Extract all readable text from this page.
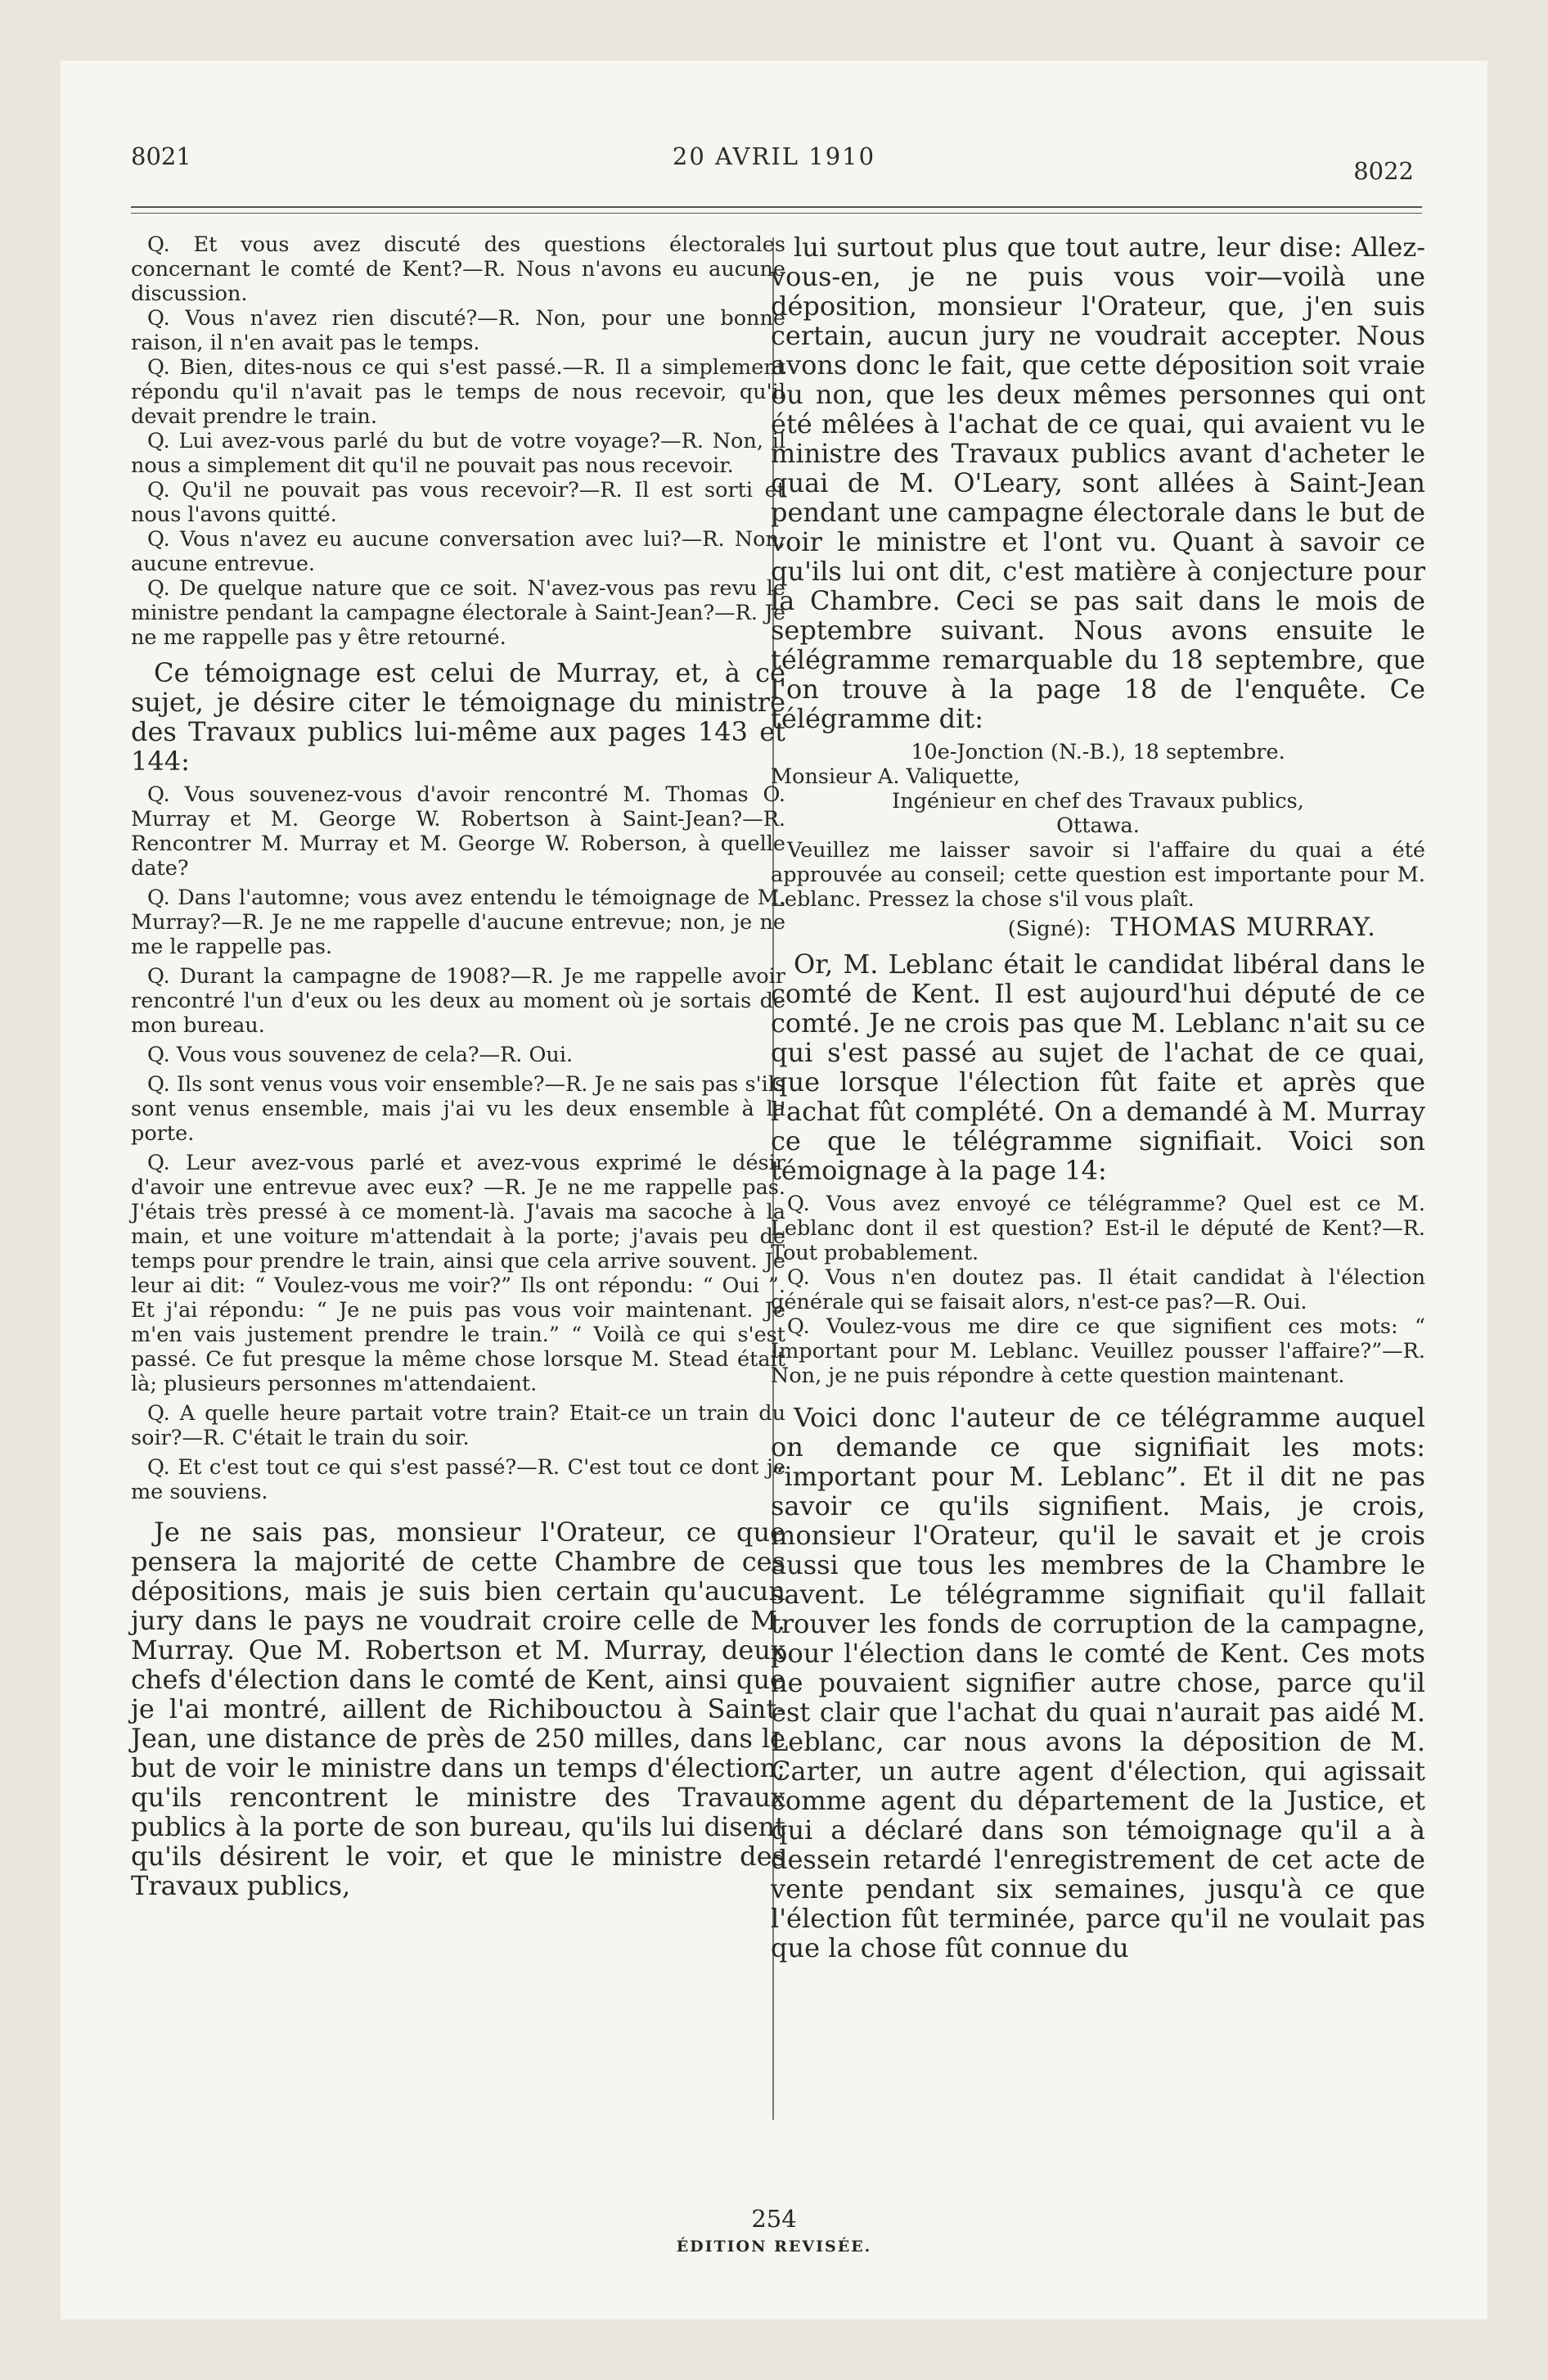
8021	20 AVRIL 1910
8022

Q. Et vous avez discuté des questions électorales concernant le comté de Kent?—R. Nous n'avons eu aucune discussion.

Q. Vous n'avez rien discuté?—R. Non, pour une bonne raison, il n'en avait pas le temps.

Q. Bien, dites-nous ce qui s'est passé.—R. Il a simplement répondu qu'il n'avait pas le temps de nous recevoir, qu'il devait prendre le train.

Q. Lui avez-vous parlé du but de votre voyage?—R. Non, il nous a simplement dit qu'il ne pouvait pas nous recevoir.

Q. Qu'il ne pouvait pas vous recevoir?—R. Il est sorti et nous l'avons quitté.

Q. Vous n'avez eu aucune conversation avec lui?—R. Non, aucune entrevue.

Q. De quelque nature que ce soit. N'avez-vous pas revu le ministre pendant la campagne électorale à Saint-Jean?—R. Je ne me rappelle pas y être retourné.

Ce témoignage est celui de Murray, et, à ce sujet, je désire citer le témoignage du ministre des Travaux publics lui-même aux pages 143 et 144:

Q. Vous souvenez-vous d'avoir rencontré M. Thomas O. Murray et M. George W. Robertson à Saint-Jean?—R. Rencontrer M. Murray et M. George W. Roberson, à quelle date?

Q. Dans l'automne; vous avez entendu le témoignage de M. Murray?—R. Je ne me rappelle d'aucune entrevue; non, je ne me le rappelle pas.

Q. Durant la campagne de 1908?—R. Je me rappelle avoir rencontré l'un d'eux ou les deux au moment où je sortais de mon bureau.

Q. Vous vous souvenez de cela?—R. Oui.

Q. Ils sont venus vous voir ensemble?—R. Je ne sais pas s'ils sont venus ensemble, mais j'ai vu les deux ensemble à la porte.

Q. Leur avez-vous parlé et avez-vous exprimé le désir d'avoir une entrevue avec eux? —R. Je ne me rappelle pas. J'étais très pressé à ce moment-là. J'avais ma sacoche à la main, et une voiture m'attendait à la porte; j'avais peu de temps pour prendre le train, ainsi que cela arrive souvent. Je leur ai dit: “ Voulez-vous me voir?” Ils ont répondu: “ Oui ”. Et j'ai répondu: “ Je ne puis pas vous voir maintenant. Je m'en vais justement prendre le train.” “ Voilà ce qui s'est passé. Ce fut presque la même chose lorsque M. Stead était là; plusieurs personnes m'attendaient.

Q. A quelle heure partait votre train? Etait-ce un train du soir?—R. C'était le train du soir.

Q. Et c'est tout ce qui s'est passé?—R. C'est tout ce dont je me souviens.

Je ne sais pas, monsieur l'Orateur, ce que pensera la majorité de cette Chambre de ces dépositions, mais je suis bien certain qu'aucun jury dans le pays ne voudrait croire celle de M. Murray. Que M. Robertson et M. Murray, deux chefs d'élection dans le comté de Kent, ainsi que je l'ai montré, aillent de Richibouctou à Saint-Jean, une distance de près de 250 milles, dans le but de voir le ministre dans un temps d'élection; qu'ils rencontrent le ministre des Travaux publics à la porte de son bureau, qu'ils lui disent qu'ils désirent le voir, et que le ministre des Travaux publics,

lui surtout plus que tout autre, leur dise: Allez-vous-en, je ne puis vous voir—voilà une déposition, monsieur l'Orateur, que, j'en suis certain, aucun jury ne voudrait accepter. Nous avons donc le fait, que cette déposition soit vraie ou non, que les deux mêmes personnes qui ont été mêlées à l'achat de ce quai, qui avaient vu le ministre des Travaux publics avant d'acheter le quai de M. O'Leary, sont allées à Saint-Jean pendant une campagne électorale dans le but de voir le ministre et l'ont vu. Quant à savoir ce qu'ils lui ont dit, c'est matière à conjecture pour la Chambre. Ceci se pas sait dans le mois de septembre suivant. Nous avons ensuite le télégramme remarquable du 18 septembre, que l'on trouve à la page 18 de l'enquête. Ce télégramme dit:

10e-Jonction (N.-B.), 18 septembre.
Monsieur A. Valiquette,
Ingénieur en chef des Travaux publics,
Ottawa.

Veuillez me laisser savoir si l'affaire du quai a été approuvée au conseil; cette question est importante pour M. Leblanc. Pressez la chose s'il vous plaît.

(Signé): THOMAS MURRAY.

Or, M. Leblanc était le candidat libéral dans le comté de Kent. Il est aujourd'hui député de ce comté. Je ne crois pas que M. Leblanc n'ait su ce qui s'est passé au sujet de l'achat de ce quai, que lorsque l'élection fût faite et après que l'achat fût complété. On a demandé à M. Murray ce que le télégramme signifiait. Voici son témoignage à la page 14:

Q. Vous avez envoyé ce télégramme? Quel est ce M. Leblanc dont il est question? Est-il le député de Kent?—R. Tout probablement.

Q. Vous n'en doutez pas. Il était candidat à l'élection générale qui se faisait alors, n'est-ce pas?—R. Oui.

Q. Voulez-vous me dire ce que signifient ces mots: “ Important pour M. Leblanc. Veuillez pousser l'affaire?”—R. Non, je ne puis répondre à cette question maintenant.

Voici donc l'auteur de ce télégramme auquel on demande ce que signifiait les mots: “important pour M. Leblanc”. Et il dit ne pas savoir ce qu'ils signifient. Mais, je crois, monsieur l'Orateur, qu'il le savait et je crois aussi que tous les membres de la Chambre le savent. Le télégramme signifiait qu'il fallait trouver les fonds de corruption de la campagne, pour l'élection dans le comté de Kent. Ces mots ne pouvaient signifier autre chose, parce qu'il est clair que l'achat du quai n'aurait pas aidé M. Leblanc, car nous avons la déposition de M. Carter, un autre agent d'élection, qui agissait comme agent du département de la Justice, et qui a déclaré dans son témoignage qu'il a à dessein retardé l'enregistrement de cet acte de vente pendant six semaines, jusqu'à ce que l'élection fût terminée, parce qu'il ne voulait pas que la chose fût connue du

254
ÉDITION REVISÉE.
